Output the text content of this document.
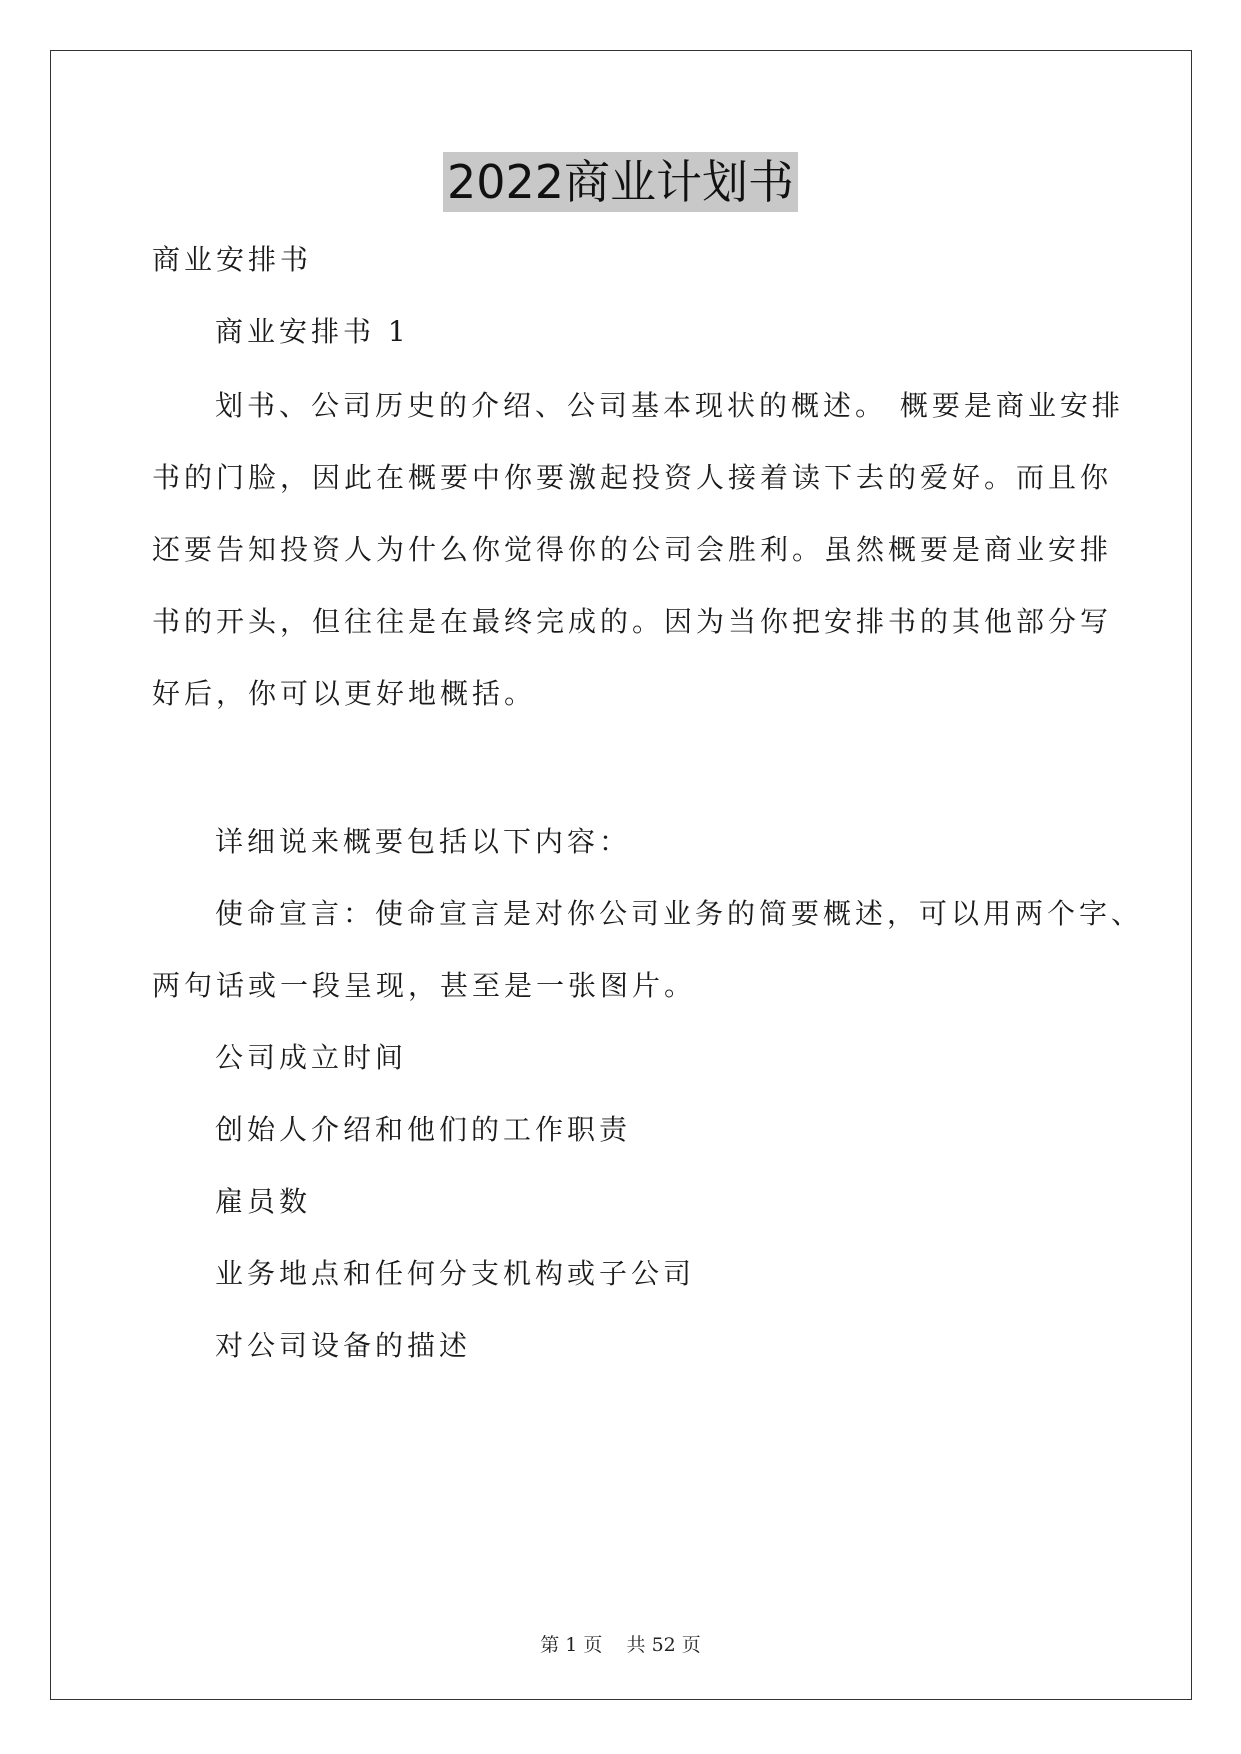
2022商业计划书

商业安排书

商业安排书 1

划书、公司历史的介绍、公司基本现状的概述。 概要是商业安排

书的门脸，因此在概要中你要激起投资人接着读下去的爱好。而且你

还要告知投资人为什么你觉得你的公司会胜利。虽然概要是商业安排

书的开头，但往往是在最终完成的。因为当你把安排书的其他部分写

好后，你可以更好地概括。

详细说来概要包括以下内容：

使命宣言：使命宣言是对你公司业务的简要概述，可以用两个字、

两句话或一段呈现，甚至是一张图片。

公司成立时间

创始人介绍和他们的工作职责

雇员数

业务地点和任何分支机构或子公司

对公司设备的描述

第 1 页 共 52 页
